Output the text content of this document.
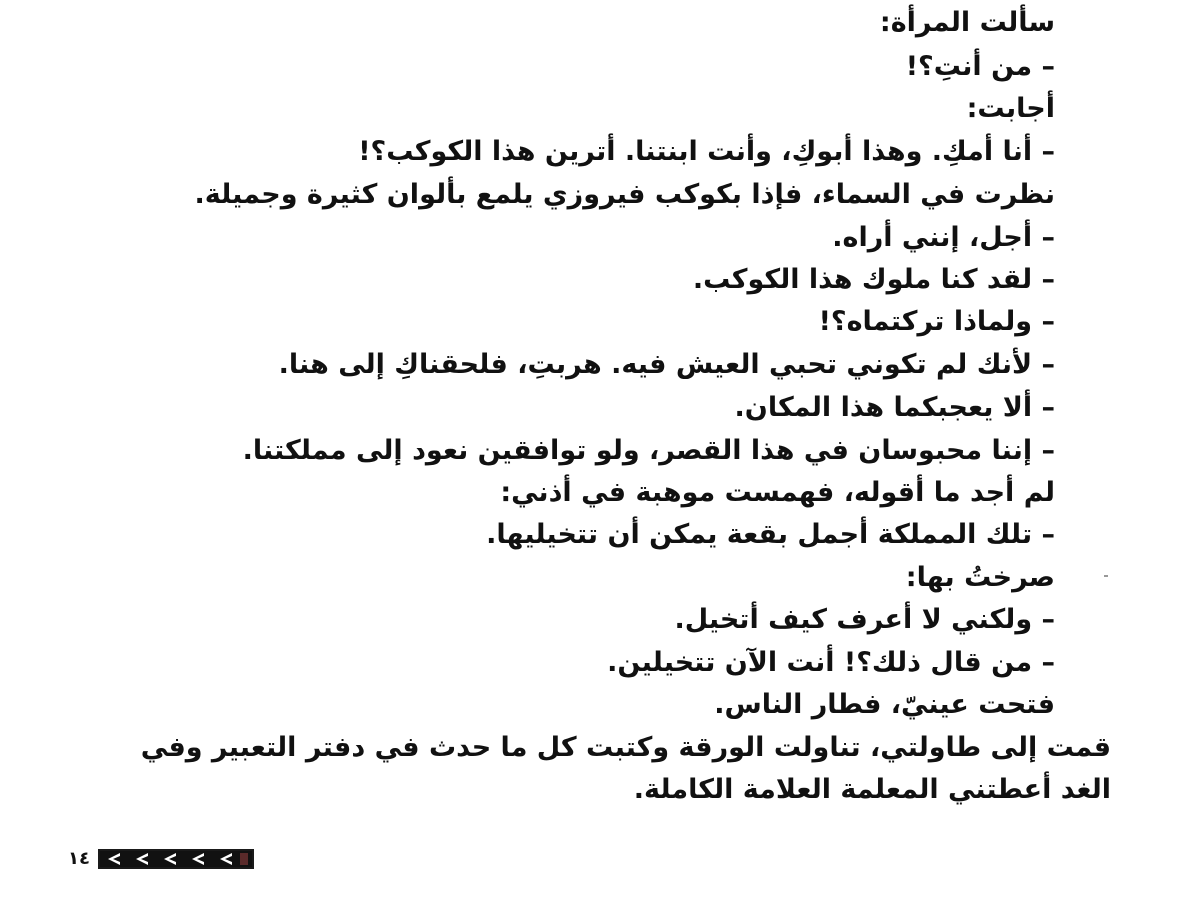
سألت المرأة:
– من أنتِ؟!
أجابت:
– أنا أمكِ. وهذا أبوكِ، وأنت ابنتنا. أترين هذا الكوكب؟!
نظرت في السماء، فإذا بكوكب فيروزي يلمع بألوان كثيرة وجميلة.
– أجل، إنني أراه.
– لقد كنا ملوك هذا الكوكب.
– ولماذا تركتماه؟!
– لأنك لم تكوني تحبي العيش فيه. هربتِ، فلحقناكِ إلى هنا.
– ألا يعجبكما هذا المكان.
– إننا محبوسان في هذا القصر، ولو توافقين نعود إلى مملكتنا.
لم أجد ما أقوله، فهمست موهبة في أذني:
– تلك المملكة أجمل بقعة يمكن أن تتخيليها.
صرختُ بها:
– ولكني لا أعرف كيف أتخيل.
– من قال ذلك؟! أنت الآن تتخيلين.
فتحت عينيّ، فطار الناس.
قمت إلى طاولتي، تناولت الورقة وكتبت كل ما حدث في دفتر التعبير وفي
الغد أعطتني المعلمة العلامة الكاملة.
١٤
